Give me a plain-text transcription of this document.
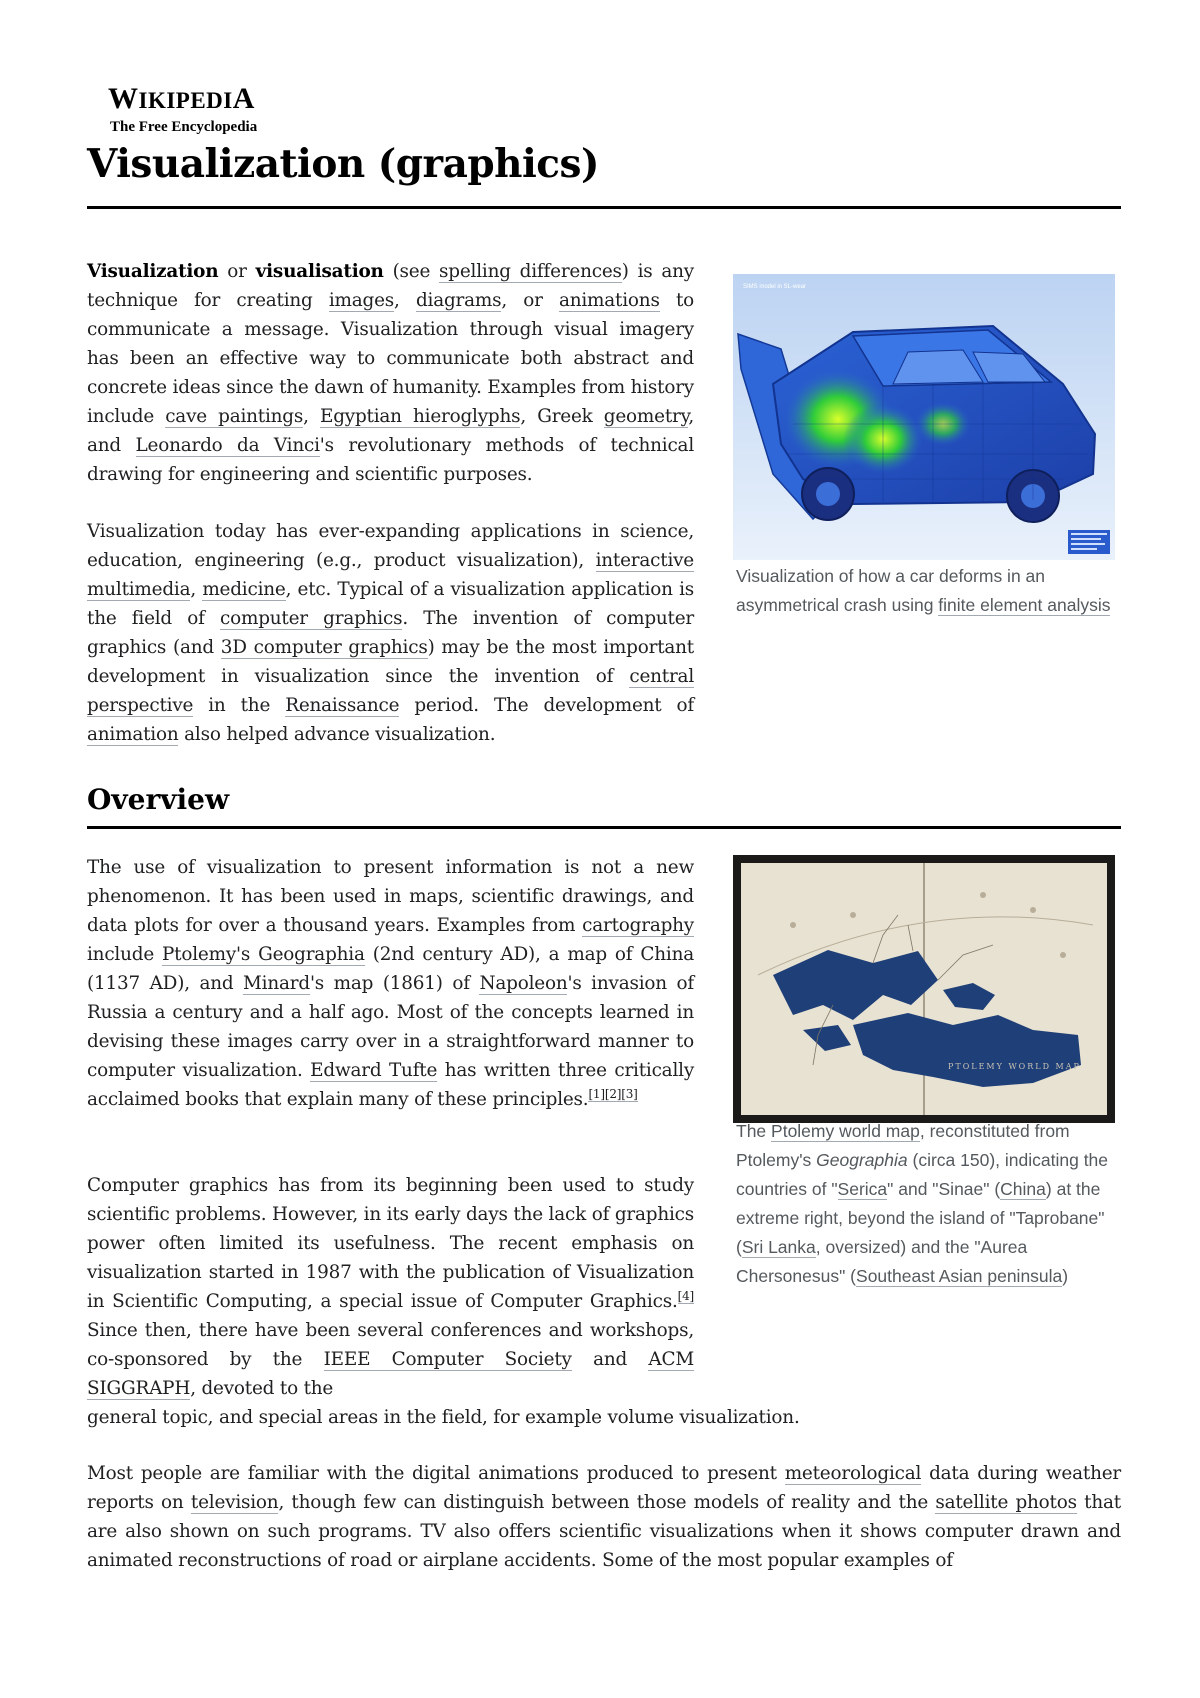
WIKIPEDIA
The Free Encyclopedia
Visualization (graphics)

Visualization or visualisation (see spelling differences) is any technique for creating images, diagrams, or animations to communicate a message. Visualization through visual imagery has been an effective way to communicate both abstract and concrete ideas since the dawn of humanity. Examples from history include cave paintings, Egyptian hieroglyphs, Greek geometry, and Leonardo da Vinci's revolutionary methods of technical drawing for engineering and scientific purposes.

Visualization today has ever-expanding applications in science, education, engineering (e.g., product visualization), interactive multimedia, medicine, etc. Typical of a visualization application is the field of computer graphics. The invention of computer graphics (and 3D computer graphics) may be the most important development in visualization since the invention of central perspective in the Renaissance period. The development of animation also helped advance visualization.

SIMS model in SL-wear
Visualization of how a car deforms in an asymmetrical crash using finite element analysis
Overview

The use of visualization to present information is not a new phenomenon. It has been used in maps, scientific drawings, and data plots for over a thousand years. Examples from cartography include Ptolemy's Geographia (2nd century AD), a map of China (1137 AD), and Minard's map (1861) of Napoleon's invasion of Russia a century and a half ago. Most of the concepts learned in devising these images carry over in a straightforward manner to computer visualization. Edward Tufte has written three critically acclaimed books that explain many of these principles.[1][2][3]

Computer graphics has from its beginning been used to study scientific problems. However, in its early days the lack of graphics power often limited its usefulness. The recent emphasis on visualization started in 1987 with the publication of Visualization in Scientific Computing, a special issue of Computer Graphics.[4] Since then, there have been several conferences and workshops, co-sponsored by the IEEE Computer Society and ACM SIGGRAPH, devoted to the

general topic, and special areas in the field, for example volume visualization.

Most people are familiar with the digital animations produced to present meteorological data during weather reports on television, though few can distinguish between those models of reality and the satellite photos that are also shown on such programs. TV also offers scientific visualizations when it shows computer drawn and animated reconstructions of road or airplane accidents. Some of the most popular examples of

PTOLEMY WORLD MAP
The Ptolemy world map, reconstituted from Ptolemy's Geographia (circa 150), indicating the countries of "Serica" and "Sinae" (China) at the extreme right, beyond the island of "Taprobane" (Sri Lanka, oversized) and the "Aurea Chersonesus" (Southeast Asian peninsula)
